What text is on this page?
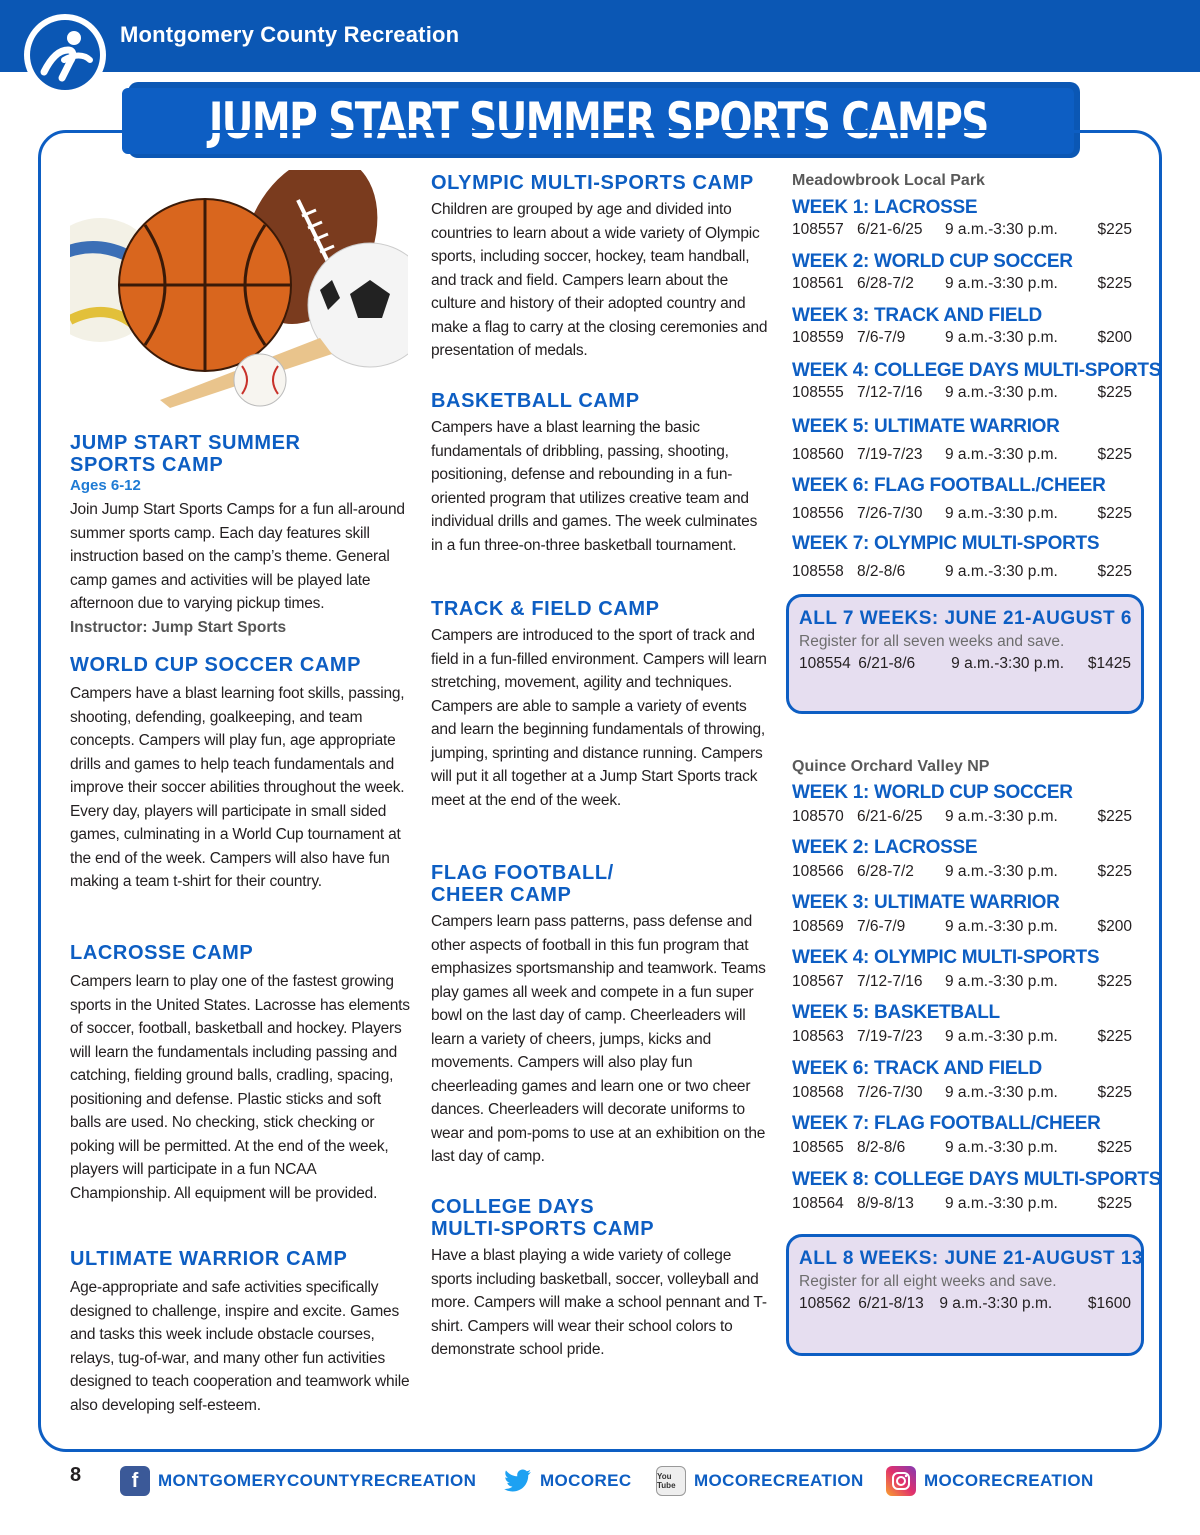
Montgomery County Recreation
JUMP START SUMMER SPORTS CAMPS
JUMP START SUMMER
SPORTS CAMP
Ages 6-12
Join Jump Start Sports Camps for a fun all-around summer sports camp. Each day features skill instruction based on the camp’s theme. General camp games and activities will be played late afternoon due to varying pickup times.
Instructor: Jump Start Sports
WORLD CUP SOCCER CAMP
Campers have a blast learning foot skills, passing, shooting, defending, goalkeeping, and team concepts. Campers will play fun, age appropriate drills and games to help teach fundamentals and improve their soccer abilities throughout the week. Every day, players will participate in small sided games, culminating in a World Cup tournament at the end of the week. Campers will also have fun making a team t-shirt for their country.
LACROSSE CAMP
Campers learn to play one of the fastest growing sports in the United States. Lacrosse has elements of soccer, football, basketball and hockey. Players will learn the fundamentals including passing and catching, fielding ground balls, cradling, spacing, positioning and defense. Plastic sticks and soft balls are used. No checking, stick checking or poking will be permitted. At the end of the week, players will participate in a fun NCAA Championship. All equipment will be provided.
ULTIMATE WARRIOR CAMP
Age-appropriate and safe activities specifically designed to challenge, inspire and excite. Games and tasks this week include obstacle courses, relays, tug-of-war, and many other fun activities designed to teach cooperation and teamwork while also developing self-esteem.
OLYMPIC MULTI-SPORTS CAMP
Children are grouped by age and divided into countries to learn about a wide variety of Olympic sports, including soccer, hockey, team handball, and track and field. Campers learn about the culture and history of their adopted country and make a flag to carry at the closing ceremonies and presentation of medals.
BASKETBALL CAMP
Campers have a blast learning the basic fundamentals of dribbling, passing, shooting, positioning, defense and rebounding in a fun-oriented program that utilizes creative team and individual drills and games. The week culminates in a fun three-on-three basketball tournament.
TRACK & FIELD CAMP
Campers are introduced to the sport of track and field in a fun-filled environment. Campers will learn stretching, movement, agility and techniques. Campers are able to sample a variety of events and learn the beginning fundamentals of throwing, jumping, sprinting and distance running. Campers will put it all together at a Jump Start Sports track meet at the end of the week.
FLAG FOOTBALL/
CHEER CAMP
Campers learn pass patterns, pass defense and other aspects of football in this fun program that emphasizes sportsmanship and teamwork. Teams play games all week and compete in a fun super bowl on the last day of camp. Cheerleaders will learn a variety of cheers, jumps, kicks and movements. Campers will also play fun cheerleading games and learn one or two cheer dances. Cheerleaders will decorate uniforms to wear and pom-poms to use at an exhibition on the last day of camp.
COLLEGE DAYS
MULTI-SPORTS CAMP
Have a blast playing a wide variety of college sports including basketball, soccer, volleyball and more. Campers will make a school pennant and T-shirt. Campers will wear their school colors to demonstrate school pride.
Meadowbrook Local Park
WEEK 1: LACROSSE
108557 6/21-6/25	9 a.m.-3:30 p.m.	$225
WEEK 2: WORLD CUP SOCCER
108561 6/28-7/2	9 a.m.-3:30 p.m.	$225
WEEK 3: TRACK AND FIELD
108559 7/6-7/9	9 a.m.-3:30 p.m.	$200
WEEK 4: COLLEGE DAYS MULTI-SPORTS
108555 7/12-7/16	9 a.m.-3:30 p.m.	$225
WEEK 5: ULTIMATE WARRIOR
108560 7/19-7/23	9 a.m.-3:30 p.m.	$225
WEEK 6: FLAG FOOTBALL./CHEER
108556 7/26-7/30	9 a.m.-3:30 p.m.	$225
WEEK 7: OLYMPIC MULTI-SPORTS
108558 8/2-8/6	9 a.m.-3:30 p.m.	$225
ALL 7 WEEKS: JUNE 21-AUGUST 6
Register for all seven weeks and save.
108554 6/21-8/6	9 a.m.-3:30 p.m.	$1425
Quince Orchard Valley NP
WEEK 1: WORLD CUP SOCCER
108570 6/21-6/25	9 a.m.-3:30 p.m.	$225
WEEK 2: LACROSSE
108566 6/28-7/2	9 a.m.-3:30 p.m.	$225
WEEK 3: ULTIMATE WARRIOR
108569 7/6-7/9	9 a.m.-3:30 p.m.	$200
WEEK 4: OLYMPIC MULTI-SPORTS
108567 7/12-7/16	9 a.m.-3:30 p.m.	$225
WEEK 5: BASKETBALL
108563 7/19-7/23	9 a.m.-3:30 p.m.	$225
WEEK 6: TRACK AND FIELD
108568 7/26-7/30	9 a.m.-3:30 p.m.	$225
WEEK 7: FLAG FOOTBALL/CHEER
108565 8/2-8/6	9 a.m.-3:30 p.m.	$225
WEEK 8: COLLEGE DAYS MULTI-SPORTS
108564 8/9-8/13	9 a.m.-3:30 p.m.	$225
ALL 8 WEEKS: JUNE 21-AUGUST 13
Register for all eight weeks and save.
108562 6/21-8/13	9 a.m.-3:30 p.m.	$1600
8	f	MONTGOMERYCOUNTYRECREATION	MOCOREC	You Tube	MOCORECREATION	MOCORECREATION
